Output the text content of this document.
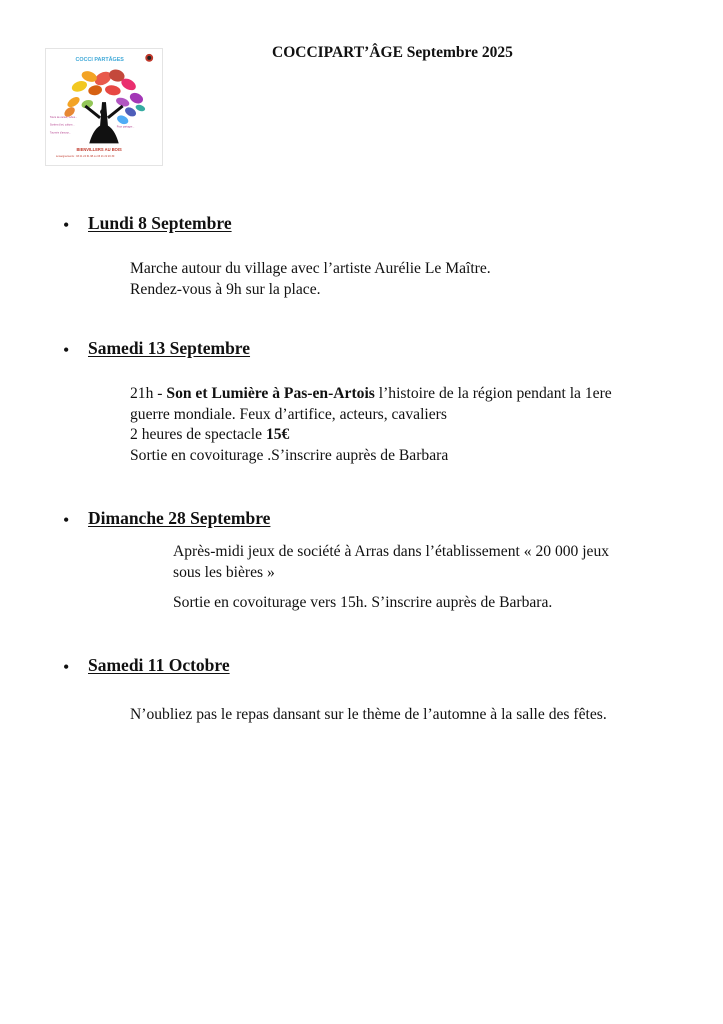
COCCI PARTÂGES
Tours de cartes, rebus...
Sorties d'art, culture...
Tournée d'amour...
Pour partager...
BIENVILLERS AU BOIS
renseignements : 03 21 24 61 98 ou 03 21 22 20 30
COCCIPART’ÂGE Septembre 2025
• Lundi 8 Septembre

Marche autour du village avec l’artiste Aurélie Le Maître.

Rendez-vous à 9h sur la place.

• Samedi 13 Septembre

21h - Son et Lumière à Pas-en-Artois l’histoire de la région pendant la 1ere

guerre mondiale. Feux d’artifice, acteurs, cavaliers

2 heures de spectacle 15€

Sortie en covoiturage .S’inscrire auprès de Barbara

• Dimanche 28 Septembre

Après-midi jeux de société à Arras dans l’établissement « 20 000 jeux

sous les bières »

Sortie en covoiturage vers 15h. S’inscrire auprès de Barbara.

• Samedi 11 Octobre

N’oubliez pas le repas dansant sur le thème de l’automne à la salle des fêtes.
